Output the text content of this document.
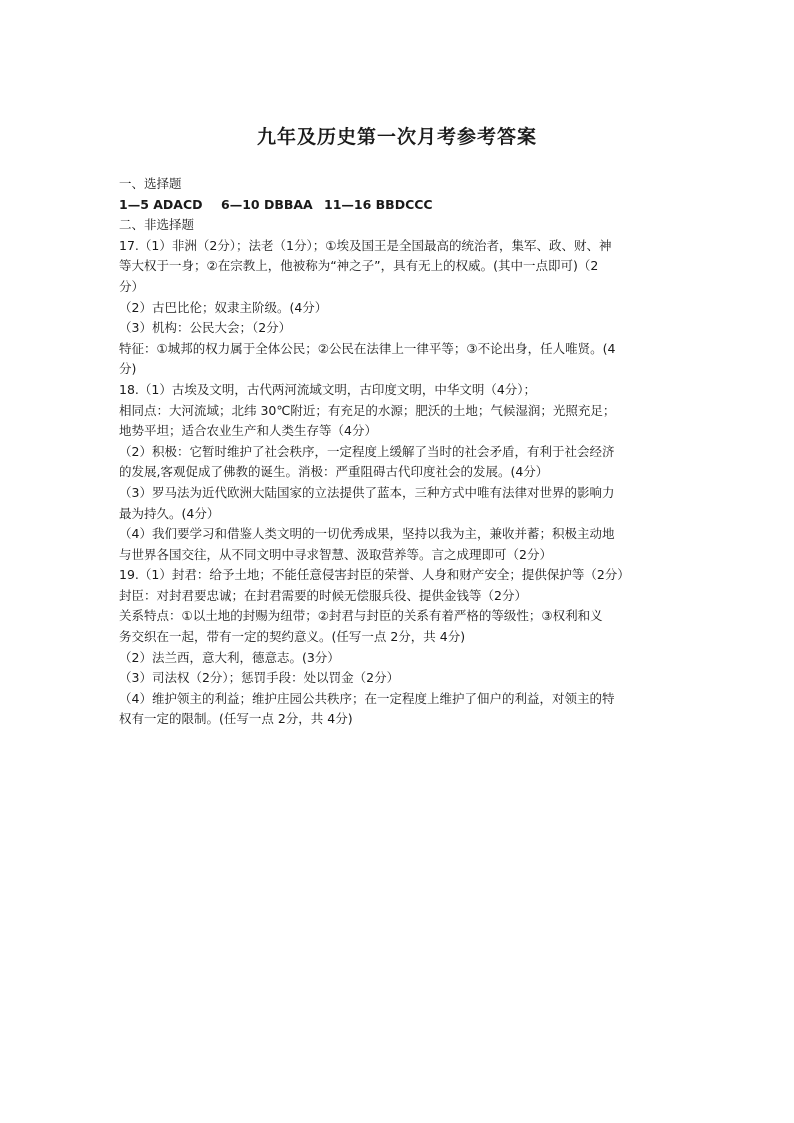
九年及历史第一次月考参考答案
一、选择题
1—5 ADACD 6—10 DBBAA 11—16 BBDCCC
二、非选择题
17.（1）非洲（2分）；法老（1分）；①埃及国王是全国最高的统治者，集军、政、财、神
等大权于一身；②在宗教上，他被称为“神之子”，具有无上的权威。(其中一点即可)（2
分）
（2）古巴比伦；奴隶主阶级。(4分）
（3）机构：公民大会；（2分）
特征：①城邦的权力属于全体公民；②公民在法律上一律平等；③不论出身，任人唯贤。(4
分)
18.（1）古埃及文明，古代两河流域文明，古印度文明，中华文明（4分）；
相同点：大河流域；北纬 30℃附近；有充足的水源；肥沃的土地；气候湿润；光照充足；
地势平坦；适合农业生产和人类生存等（4分）
（2）积极：它暂时维护了社会秩序，一定程度上缓解了当时的社会矛盾，有利于社会经济
的发展,客观促成了佛教的诞生。消极：严重阻碍古代印度社会的发展。(4分）
（3）罗马法为近代欧洲大陆国家的立法提供了蓝本，三种方式中唯有法律对世界的影响力
最为持久。(4分）
（4）我们要学习和借鉴人类文明的一切优秀成果，坚持以我为主，兼收并蓄；积极主动地
与世界各国交往，从不同文明中寻求智慧、汲取营养等。言之成理即可（2分）
19.（1）封君：给予土地；不能任意侵害封臣的荣誉、人身和财产安全；提供保护等（2分）
封臣：对封君要忠诚；在封君需要的时候无偿服兵役、提供金钱等（2分）
关系特点：①以土地的封赐为纽带；②封君与封臣的关系有着严格的等级性；③权利和义
务交织在一起，带有一定的契约意义。(任写一点 2分，共 4分)
（2）法兰西，意大利，德意志。(3分）
（3）司法权（2分）；惩罚手段：处以罚金（2分）
（4）维护领主的利益；维护庄园公共秩序；在一定程度上维护了佃户的利益，对领主的特
权有一定的限制。(任写一点 2分，共 4分)
